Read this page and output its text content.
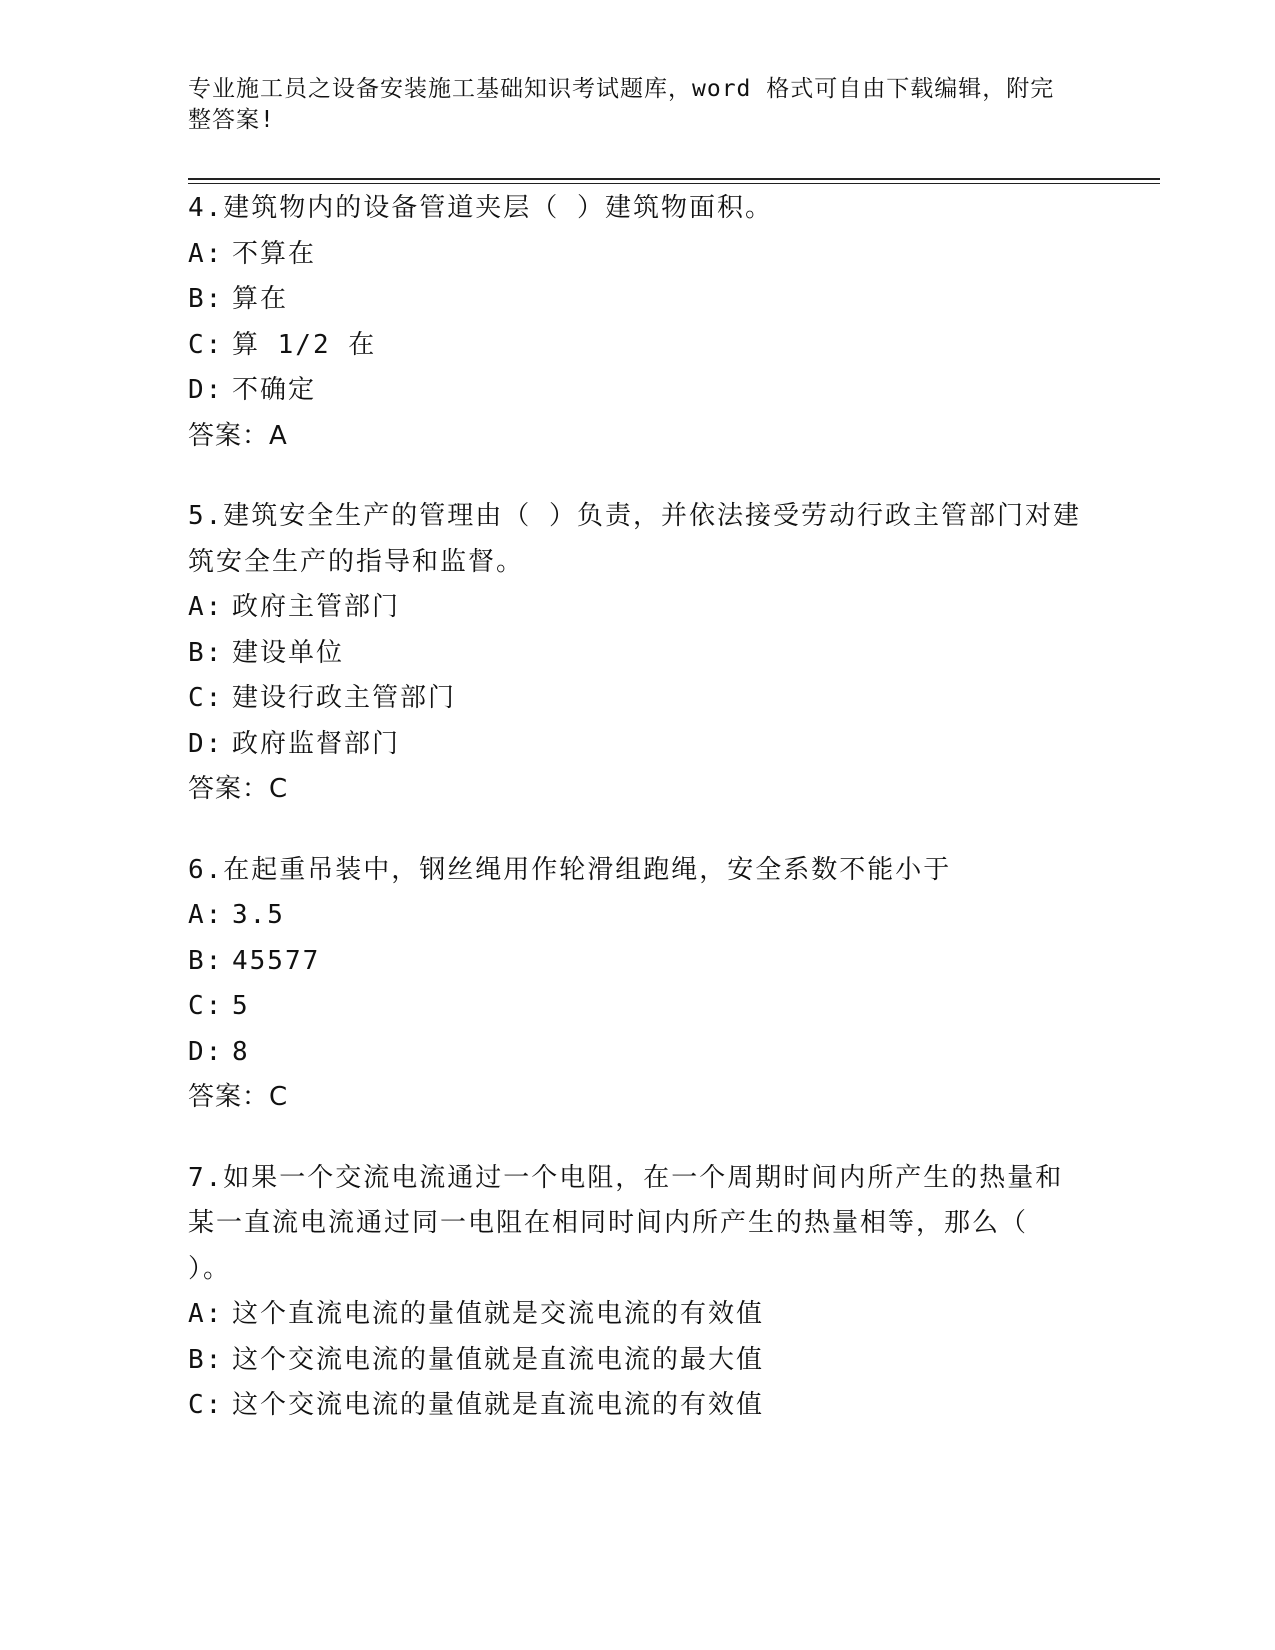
专业施工员之设备安装施工基础知识考试题库，word 格式可自由下载编辑，附完整答案!
4.建筑物内的设备管道夹层（ ）建筑物面积。
A: 不算在
B: 算在
C: 算 1/2 在
D: 不确定
答案：A
5.建筑安全生产的管理由（ ）负责，并依法接受劳动行政主管部门对建筑安全生产的指导和监督。
A: 政府主管部门
B: 建设单位
C: 建设行政主管部门
D: 政府监督部门
答案：C
6.在起重吊装中，钢丝绳用作轮滑组跑绳，安全系数不能小于
A: 3.5
B: 45577
C: 5
D: 8
答案：C
7.如果一个交流电流通过一个电阻，在一个周期时间内所产生的热量和某一直流电流通过同一电阻在相同时间内所产生的热量相等，那么（ ）。
A: 这个直流电流的量值就是交流电流的有效值
B: 这个交流电流的量值就是直流电流的最大值
C: 这个交流电流的量值就是直流电流的有效值
